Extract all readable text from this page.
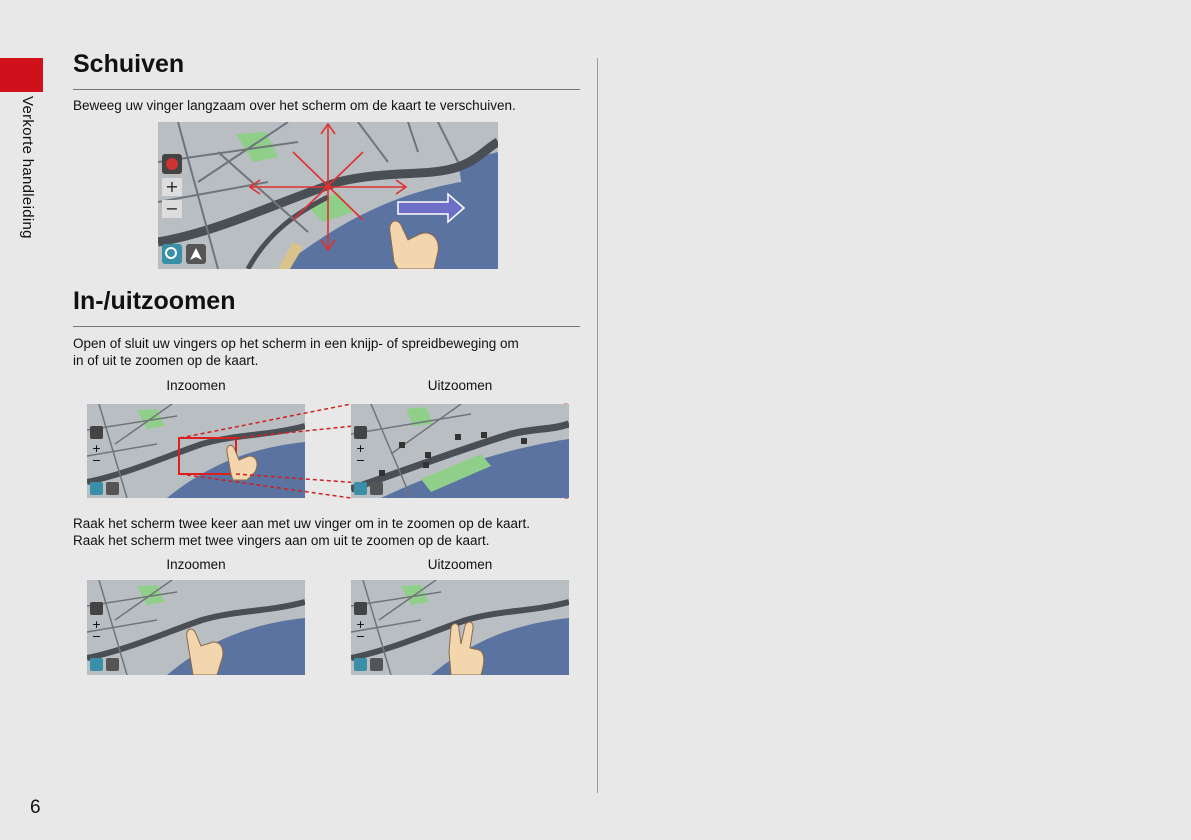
Verkorte handleiding
Schuiven
Beweeg uw vinger langzaam over het scherm om de kaart te verschuiven.
+
−
In-/uitzoomen
Open of sluit uw vingers op het scherm in een knijp- of spreidbeweging om
in of uit te zoomen op de kaart.
Inzoomen	Uitzoomen
+
−
+
−
Raak het scherm twee keer aan met uw vinger om in te zoomen op de kaart.
Raak het scherm met twee vingers aan om uit te zoomen op de kaart.
Inzoomen	Uitzoomen
+
−
+
−
6
